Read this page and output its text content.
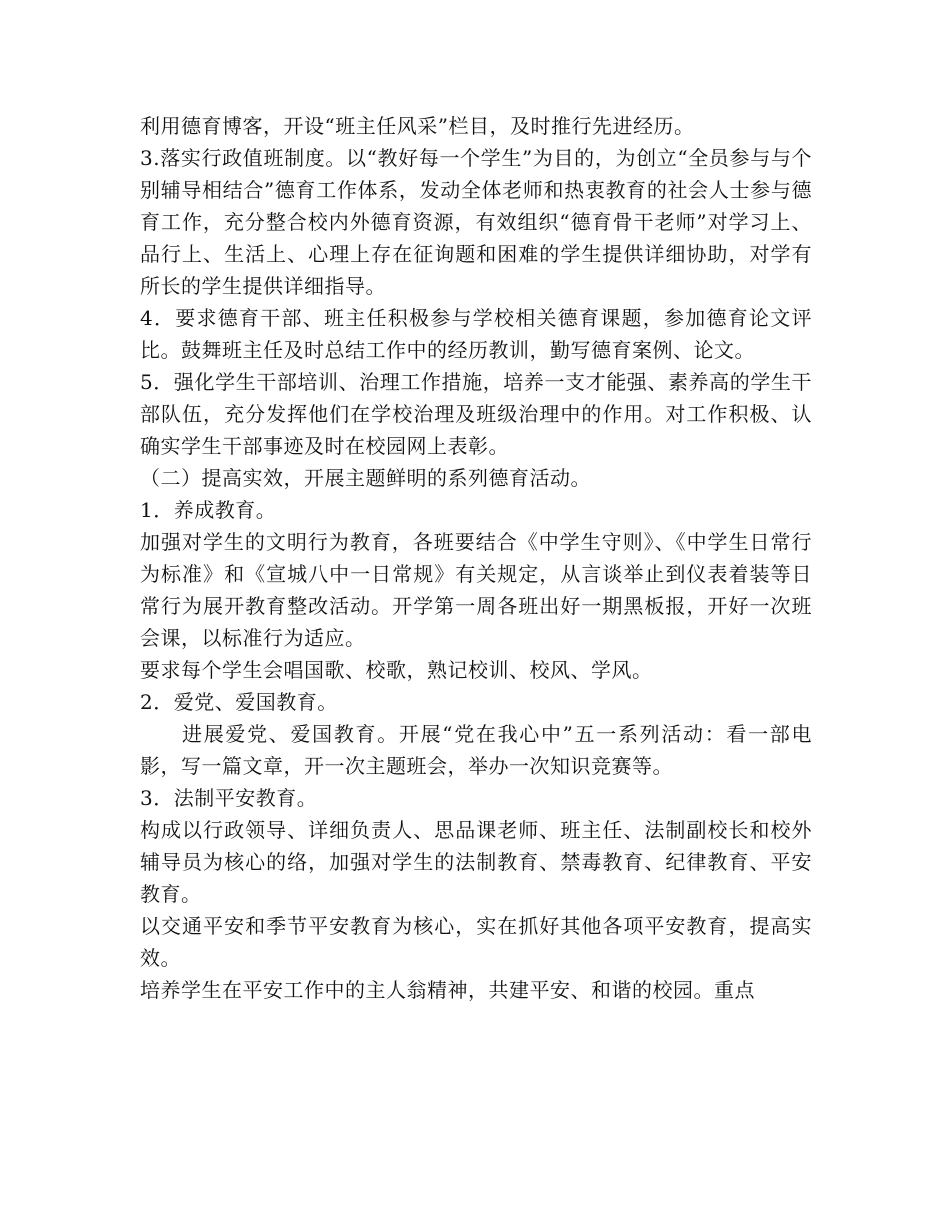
利用德育博客，开设“班主任风采”栏目，及时推行先进经历。

3.落实行政值班制度。以“教好每一个学生”为目的，为创立“全员参与与个别辅导相结合”德育工作体系，发动全体老师和热衷教育的社会人士参与德育工作，充分整合校内外德育资源，有效组织“德育骨干老师”对学习上、品行上、生活上、心理上存在征询题和困难的学生提供详细协助，对学有所长的学生提供详细指导。

4．要求德育干部、班主任积极参与学校相关德育课题，参加德育论文评比。鼓舞班主任及时总结工作中的经历教训，勤写德育案例、论文。

5．强化学生干部培训、治理工作措施，培养一支才能强、素养高的学生干部队伍，充分发挥他们在学校治理及班级治理中的作用。对工作积极、认确实学生干部事迹及时在校园网上表彰。

（二）提高实效，开展主题鲜明的系列德育活动。

1．养成教育。

加强对学生的文明行为教育，各班要结合《中学生守则》、《中学生日常行为标准》和《宣城八中一日常规》有关规定，从言谈举止到仪表着装等日常行为展开教育整改活动。开学第一周各班出好一期黑板报，开好一次班会课，以标准行为适应。

要求每个学生会唱国歌、校歌，熟记校训、校风、学风。

2．爱党、爱国教育。

进展爱党、爱国教育。开展“党在我心中”五一系列活动：看一部电影，写一篇文章，开一次主题班会，举办一次知识竞赛等。

3．法制平安教育。

构成以行政领导、详细负责人、思品课老师、班主任、法制副校长和校外辅导员为核心的络，加强对学生的法制教育、禁毒教育、纪律教育、平安教育。

以交通平安和季节平安教育为核心，实在抓好其他各项平安教育，提高实效。

培养学生在平安工作中的主人翁精神，共建平安、和谐的校园。重点
